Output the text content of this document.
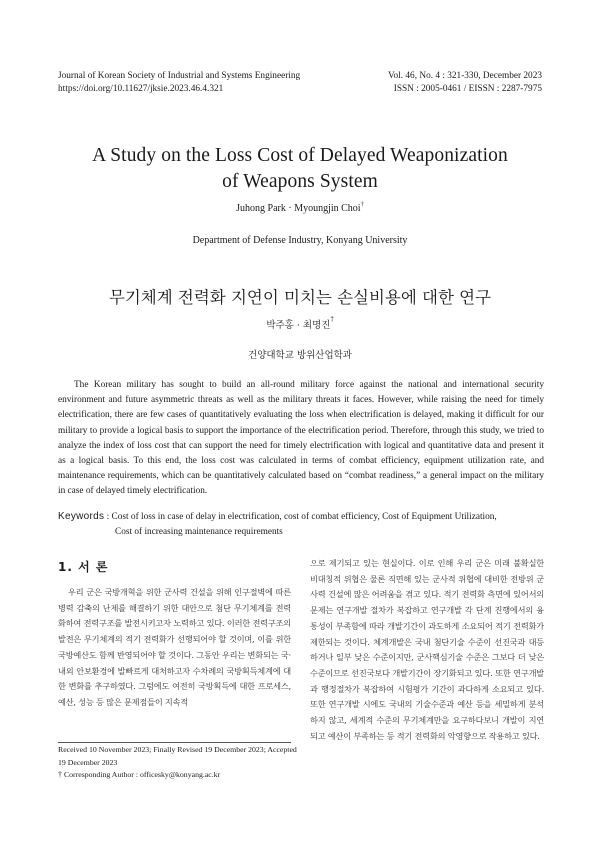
Journal of Korean Society of Industrial and Systems Engineering
https://doi.org/10.11627/jksie.2023.46.4.321
Vol. 46, No. 4 : 321-330, December 2023
ISSN : 2005-0461 / EISSN : 2287-7975
A Study on the Loss Cost of Delayed Weaponization
of Weapons System
Juhong Park · Myoungjin Choi†
Department of Defense Industry, Konyang University
무기체계 전력화 지연이 미치는 손실비용에 대한 연구
박주홍 · 최명진†
건양대학교 방위산업학과

The Korean military has sought to build an all-round military force against the national and international security environment and future asymmetric threats as well as the military threats it faces. However, while raising the need for timely electrification, there are few cases of quantitatively evaluating the loss when electrification is delayed, making it difficult for our military to provide a logical basis to support the importance of the electrification period. Therefore, through this study, we tried to analyze the index of loss cost that can support the need for timely electrification with logical and quantitative data and present it as a logical basis. To this end, the loss cost was calculated in terms of combat efficiency, equipment utilization rate, and maintenance requirements, which can be quantitatively calculated based on “combat readiness,” a general impact on the military in case of delayed timely electrification.

Keywords : Cost of loss in case of delay in electrification, cost of combat efficiency, Cost of Equipment Utilization,
Cost of increasing maintenance requirements
1. 서 론

우리 군은 국방개혁을 위한 군사력 건설을 위해 인구절벽에 따른 병력 감축의 난제를 해결하기 위한 대안으로 첨단 무기체계를 전력화하여 전력구조를 발전시키고자 노력하고 있다. 이러한 전력구조의 발전은 무기체계의 적기 전력화가 선행되어야 할 것이며, 이를 위한 국방예산도 함께 반영되어야 할 것이다. 그동안 우리는 변화되는 국·내외 안보환경에 발빠르게 대처하고자 수차례의 국방획득체계에 대한 변화를 추구하였다. 그럼에도 여전히 국방획득에 대한 프로세스, 예산, 성능 등 많은 문제점들이 지속적

으로 제기되고 있는 현실이다. 이로 인해 우리 군은 미래 불확실한 비대칭적 위협은 물론 직면해 있는 군사적 위협에 대비한 전방위 군사력 건설에 많은 어려움을 겪고 있다. 적기 전력화 측면에 있어서의 문제는 연구개발 절차가 복잡하고 연구개발 각 단계 진행에서의 융통성이 부족함에 따라 개발기간이 과도하게 소요되어 적기 전력화가 제한되는 것이다. 체계개발은 국내 첨단기술 수준이 선진국과 대등하거나 일부 낮은 수준이지만, 군사핵심기술 수준은 그보다 더 낮은 수준이므로 선진국보다 개발기간이 장기화되고 있다. 또한 연구개발과 행정절차가 복잡하여 시험평가 기간이 과다하게 소요되고 있다. 또한 연구개발 시에도 국내의 기술수준과 예산 등을 세밀하게 분석하지 않고, 세계적 수준의 무기체계만을 요구하다보니 개발이 지연되고 예산이 부족하는 등 적기 전력화의 악영향으로 작용하고 있다.

Received 10 November 2023; Finally Revised 19 December 2023; Accepted 19 December 2023
† Corresponding Author : officesky@konyang.ac.kr
